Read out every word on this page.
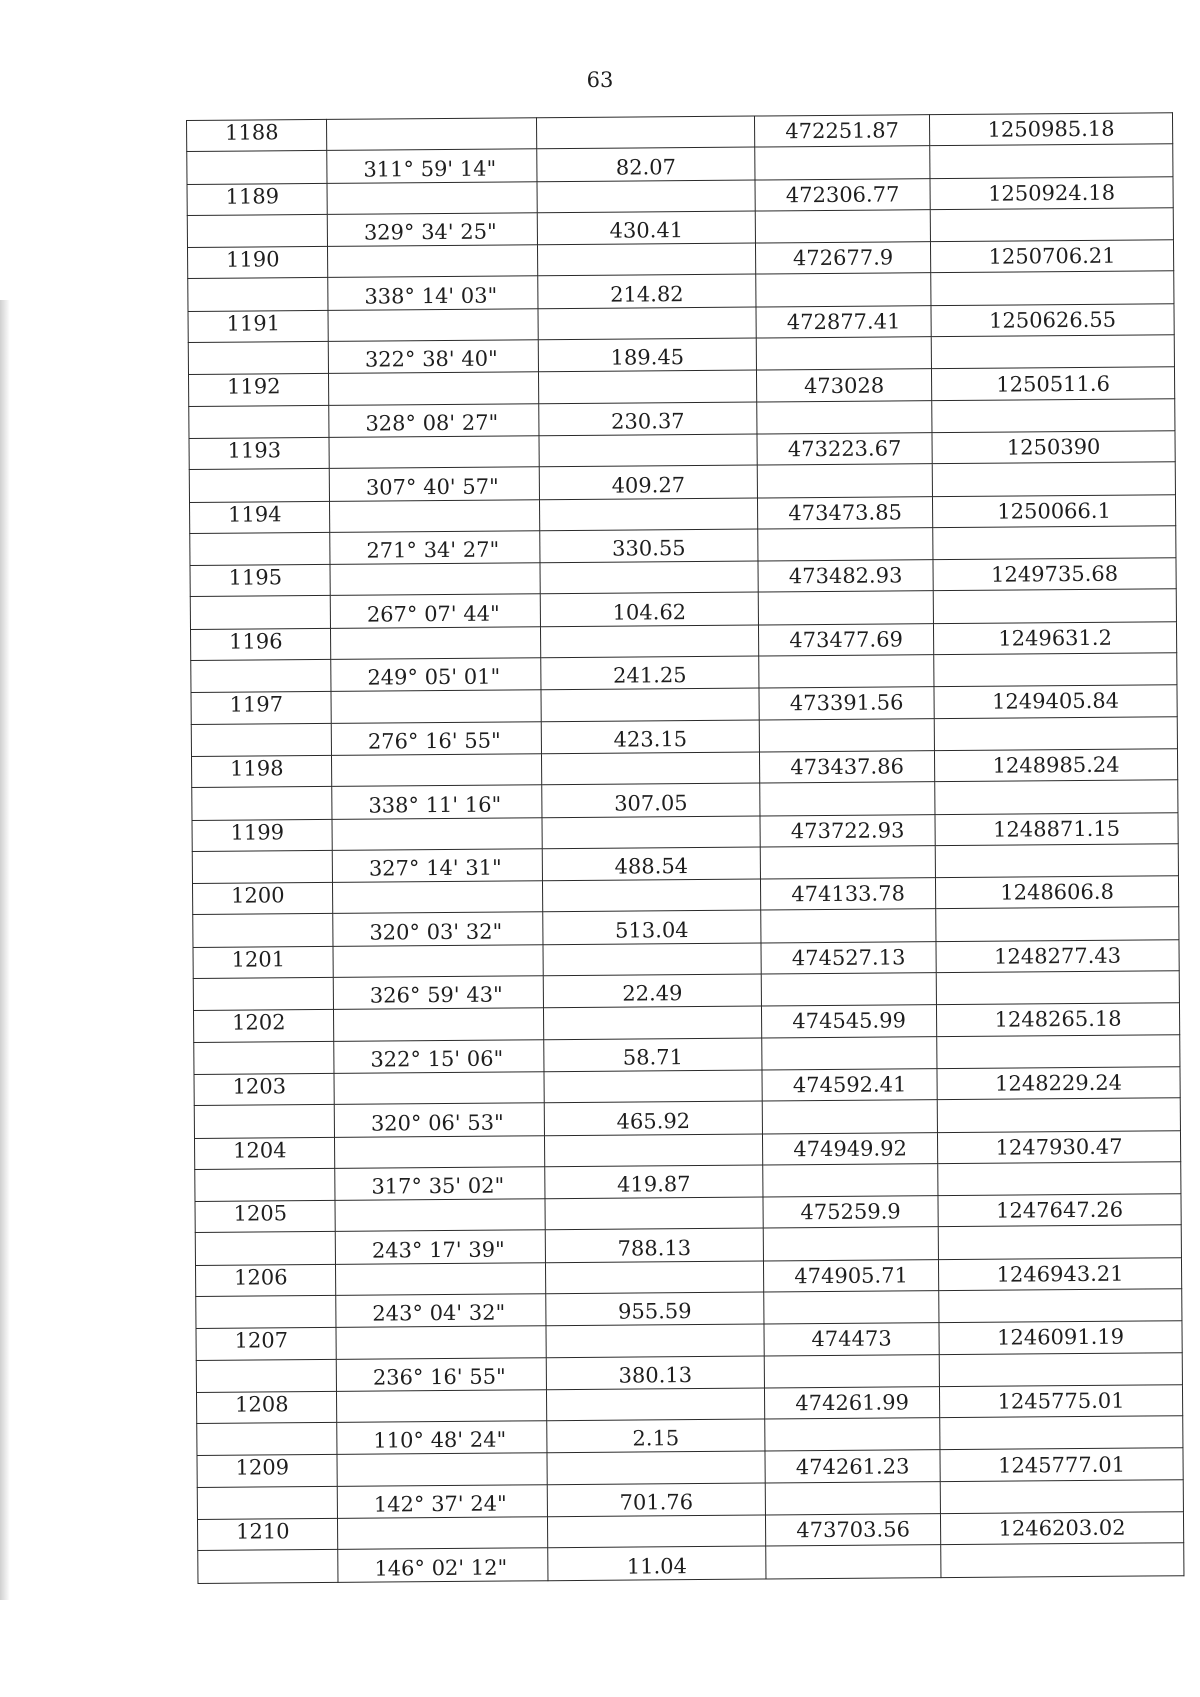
63
1188			472251.87	1250985.18
	311° 59' 14"	82.07		
1189			472306.77	1250924.18
	329° 34' 25"	430.41		
1190			472677.9	1250706.21
	338° 14' 03"	214.82		
1191			472877.41	1250626.55
	322° 38' 40"	189.45		
1192			473028	1250511.6
	328° 08' 27"	230.37		
1193			473223.67	1250390
	307° 40' 57"	409.27		
1194			473473.85	1250066.1
	271° 34' 27"	330.55		
1195			473482.93	1249735.68
	267° 07' 44"	104.62		
1196			473477.69	1249631.2
	249° 05' 01"	241.25		
1197			473391.56	1249405.84
	276° 16' 55"	423.15		
1198			473437.86	1248985.24
	338° 11' 16"	307.05		
1199			473722.93	1248871.15
	327° 14' 31"	488.54		
1200			474133.78	1248606.8
	320° 03' 32"	513.04		
1201			474527.13	1248277.43
	326° 59' 43"	22.49		
1202			474545.99	1248265.18
	322° 15' 06"	58.71		
1203			474592.41	1248229.24
	320° 06' 53"	465.92		
1204			474949.92	1247930.47
	317° 35' 02"	419.87		
1205			475259.9	1247647.26
	243° 17' 39"	788.13		
1206			474905.71	1246943.21
	243° 04' 32"	955.59		
1207			474473	1246091.19
	236° 16' 55"	380.13		
1208			474261.99	1245775.01
	110° 48' 24"	2.15		
1209			474261.23	1245777.01
	142° 37' 24"	701.76		
1210			473703.56	1246203.02
	146° 02' 12"	11.04		
